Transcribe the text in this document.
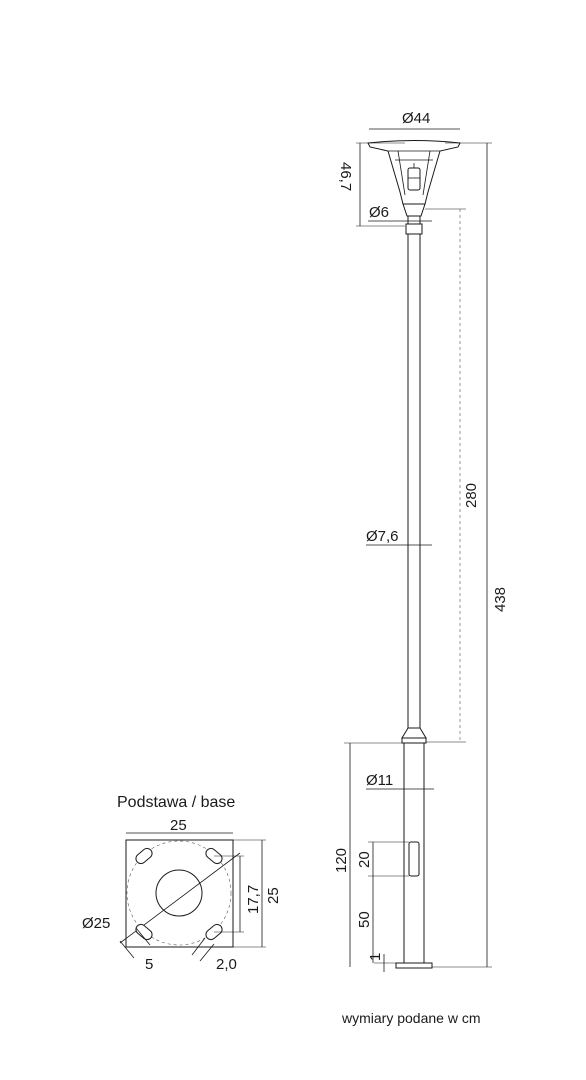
Ø44
46,7
Ø6
280
438
Ø7,6
Ø11
120 20
50
1
Podstawa / base
25
17,7 25
Ø25
5	2,0
wymiary podane w cm
